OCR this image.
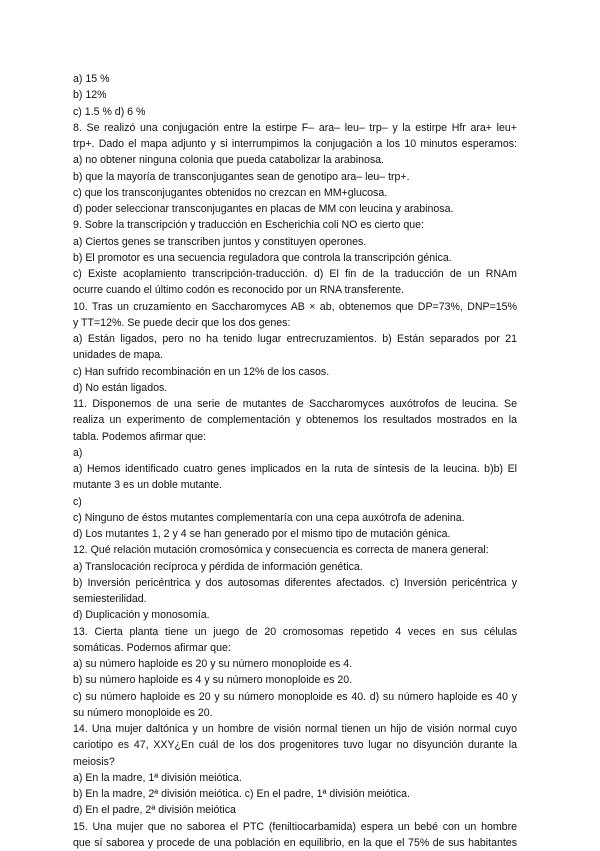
a) 15 %
b) 12%
c) 1.5 % d) 6 %
8. Se realizó una conjugación entre la estirpe F– ara– leu– trp– y la estirpe Hfr ara+ leu+
trp+. Dado el mapa adjunto y si interrumpimos la conjugación a los 10 minutos esperamos:
a) no obtener ninguna colonia que pueda catabolizar la arabinosa.
b) que la mayoría de transconjugantes sean de genotipo ara– leu– trp+.
c) que los transconjugantes obtenidos no crezcan en MM+glucosa.
d) poder seleccionar transconjugantes en placas de MM con leucina y arabinosa.
9. Sobre la transcripción y traducción en Escherichia coli NO es cierto que:
a) Ciertos genes se transcriben juntos y constituyen operones.
b) El promotor es una secuencia reguladora que controla la transcripción génica.
c) Existe acoplamiento transcripción-traducción. d) El fin de la traducción de un RNAm
ocurre cuando el último codón es reconocido por un RNA transferente.
10. Tras un cruzamiento en Saccharomyces AB × ab, obtenemos que DP=73%, DNP=15%
y TT=12%. Se puede decir que los dos genes:
a) Están ligados, pero no ha tenido lugar entrecruzamientos. b) Están separados por 21
unidades de mapa.
c) Han sufrido recombinación en un 12% de los casos.
d) No están ligados.
11. Disponemos de una serie de mutantes de Saccharomyces auxótrofos de leucina. Se
realiza un experimento de complementación y obtenemos los resultados mostrados en la
tabla. Podemos afirmar que:
a)
a) Hemos identificado cuatro genes implicados en la ruta de síntesis de la leucina. b)b) El
mutante 3 es un doble mutante.
c)
c) Ninguno de éstos mutantes complementaría con una cepa auxótrofa de adenina.
d) Los mutantes 1, 2 y 4 se han generado por el mismo tipo de mutación génica.
12. Qué relación mutación cromosómica y consecuencia es correcta de manera general:
a) Translocación recíproca y pérdida de información genética.
b) Inversión pericéntrica y dos autosomas diferentes afectados. c) Inversión pericéntrica y
semiesterilidad.
d) Duplicación y monosomía.
13. Cierta planta tiene un juego de 20 cromosomas repetido 4 veces en sus células
somáticas. Podemos afirmar que:
a) su número haploide es 20 y su número monoploide es 4.
b) su número haploide es 4 y su número monoploide es 20.
c) su número haploide es 20 y su número monoploide es 40. d) su número haploide es 40 y
su número monoploide es 20.
14. Una mujer daltónica y un hombre de visión normal tienen un hijo de visión normal cuyo
cariotipo es 47, XXY¿En cuál de los dos progenitores tuvo lugar no disyunción durante la
meiosis?
a) En la madre, 1ª división meiótica.
b) En la madre, 2ª división meiótica. c) En el padre, 1ª división meiótica.
d) En el padre, 2ª división meiótica
15. Una mujer que no saborea el PTC (feniltiocarbamida) espera un bebé con un hombre
que sí saborea y procede de una población en equilibrio, en la que el 75% de sus habitantes
